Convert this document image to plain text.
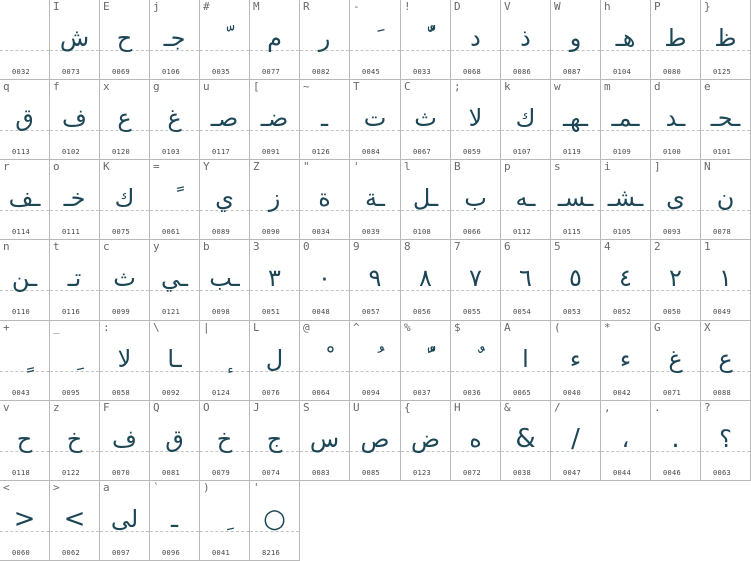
0032
I
ش
0073
E
ح
0069
j
جـ
0106
#
0035
M
م
0077
R
ر
0082
-
0045
!
0033
D
د
0068
V
ذ
0086
W
و
0087
h
هـ
0104
P
ط
0080
}
ظ
0125
q
ق
0113
f
ف
0102
x
ع
0120
g
غ
0103
u
صـ
0117
[
ضـ
0091
~
ـ
0126
T
ت
0084
C
ث
0067
;
لا
0059
k
ك
0107
w
ـهـ
0119
m
ـمـ
0109
d
ـد
0100
e
ـحـ
0101
r
ـف
0114
o
خـ
0111
K
ك
0075
=
0061
Y
ي
0089
Z
ز
0090
"
ة
0034
'
ـة
0039
l
ـل
0108
B
ب
0066
p
ـه
0112
s
ـسـ
0115
i
ـشـ
0105
]
ى
0093
N
ن
0078
n
ـن
0110
t
تـ
0116
c
ث
0099
y
ـي
0121
b
ـب
0098
3
٣
0051
0
٠
0048
9
٩
0057
8
٨
0056
7
٧
0055
6
٦
0054
5
٥
0053
4
٤
0052
2
٢
0050
1
١
0049
+
0043
_
0095
:
لا
0058
\
ـا
0092
|
0124
L
ل
0076
@
0064
^
0094
%
0037
$
0036
A
ا
0065
(
ء
0040
*
ء
0042
G
غ
0071
X
ع
0088
v
ح
0118
z
خ
0122
F
ف
0070
Q
ق
0081
O
خ
0079
J
ج
0074
S
س
0083
U
ص
0085
{
ض
0123
H
ه
0072
&
&
0038
/
/
0047
,
،
0044
.
.
0046
?
؟
0063
<
<
0060
>
>
0062
a
لى
0097
`
ـ
0096
)
0041
'
○
8216
